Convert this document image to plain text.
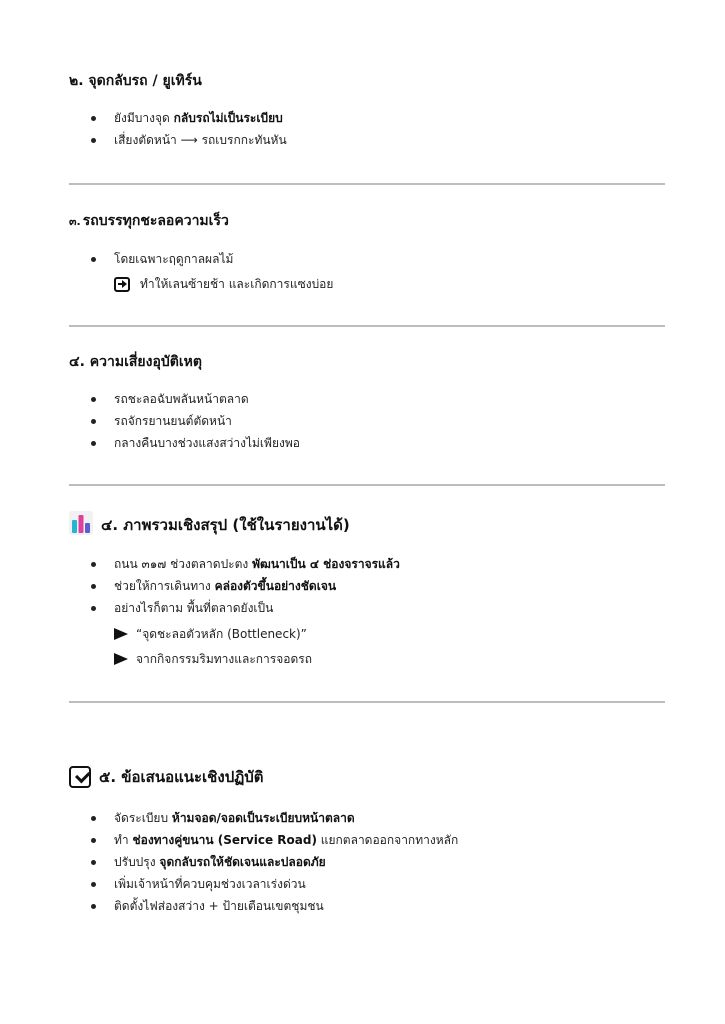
๒. จุดกลับรถ / ยูเทิร์น
ยังมีบางจุด กลับรถไม่เป็นระเบียบ
เสี่ยงตัดหน้า ⟶ รถเบรกกะทันหัน
๓. รถบรรทุกชะลอความเร็ว
โดยเฉพาะฤดูกาลผลไม้
ทำให้เลนซ้ายช้า และเกิดการแซงบ่อย
๔. ความเสี่ยงอุบัติเหตุ
รถชะลอฉับพลันหน้าตลาด
รถจักรยานยนต์ตัดหน้า
กลางคืนบางช่วงแสงสว่างไม่เพียงพอ
๔. ภาพรวมเชิงสรุป (ใช้ในรายงานได้)
ถนน ๓๑๗ ช่วงตลาดปะตง พัฒนาเป็น ๔ ช่องจราจรแล้ว
ช่วยให้การเดินทาง คล่องตัวขึ้นอย่างชัดเจน
อย่างไรก็ตาม พื้นที่ตลาดยังเป็น
“จุดชะลอตัวหลัก (Bottleneck)”
จากกิจกรรมริมทางและการจอดรถ
๕. ข้อเสนอแนะเชิงปฏิบัติ
จัดระเบียบ ห้ามจอด/จอดเป็นระเบียบหน้าตลาด
ทำ ช่องทางคู่ขนาน (Service Road) แยกตลาดออกจากทางหลัก
ปรับปรุง จุดกลับรถให้ชัดเจนและปลอดภัย
เพิ่มเจ้าหน้าที่ควบคุมช่วงเวลาเร่งด่วน
ติดตั้งไฟส่องสว่าง + ป้ายเตือนเขตชุมชน
